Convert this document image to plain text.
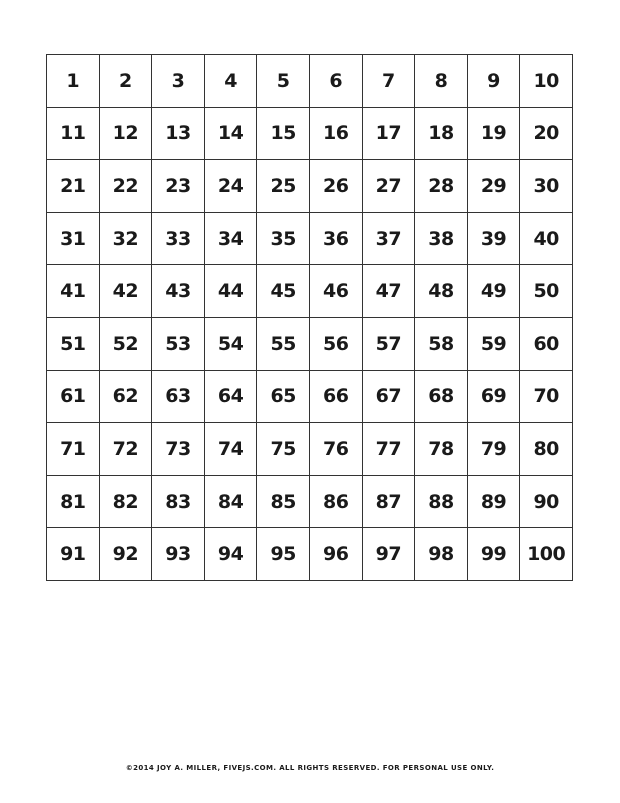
1	2	3	4	5	6	7	8	9	10
11	12	13	14	15	16	17	18	19	20
21	22	23	24	25	26	27	28	29	30
31	32	33	34	35	36	37	38	39	40
41	42	43	44	45	46	47	48	49	50
51	52	53	54	55	56	57	58	59	60
61	62	63	64	65	66	67	68	69	70
71	72	73	74	75	76	77	78	79	80
81	82	83	84	85	86	87	88	89	90
91	92	93	94	95	96	97	98	99	100
©2014 JOY A. MILLER, FIVEJS.COM. ALL RIGHTS RESERVED. FOR PERSONAL USE ONLY.
